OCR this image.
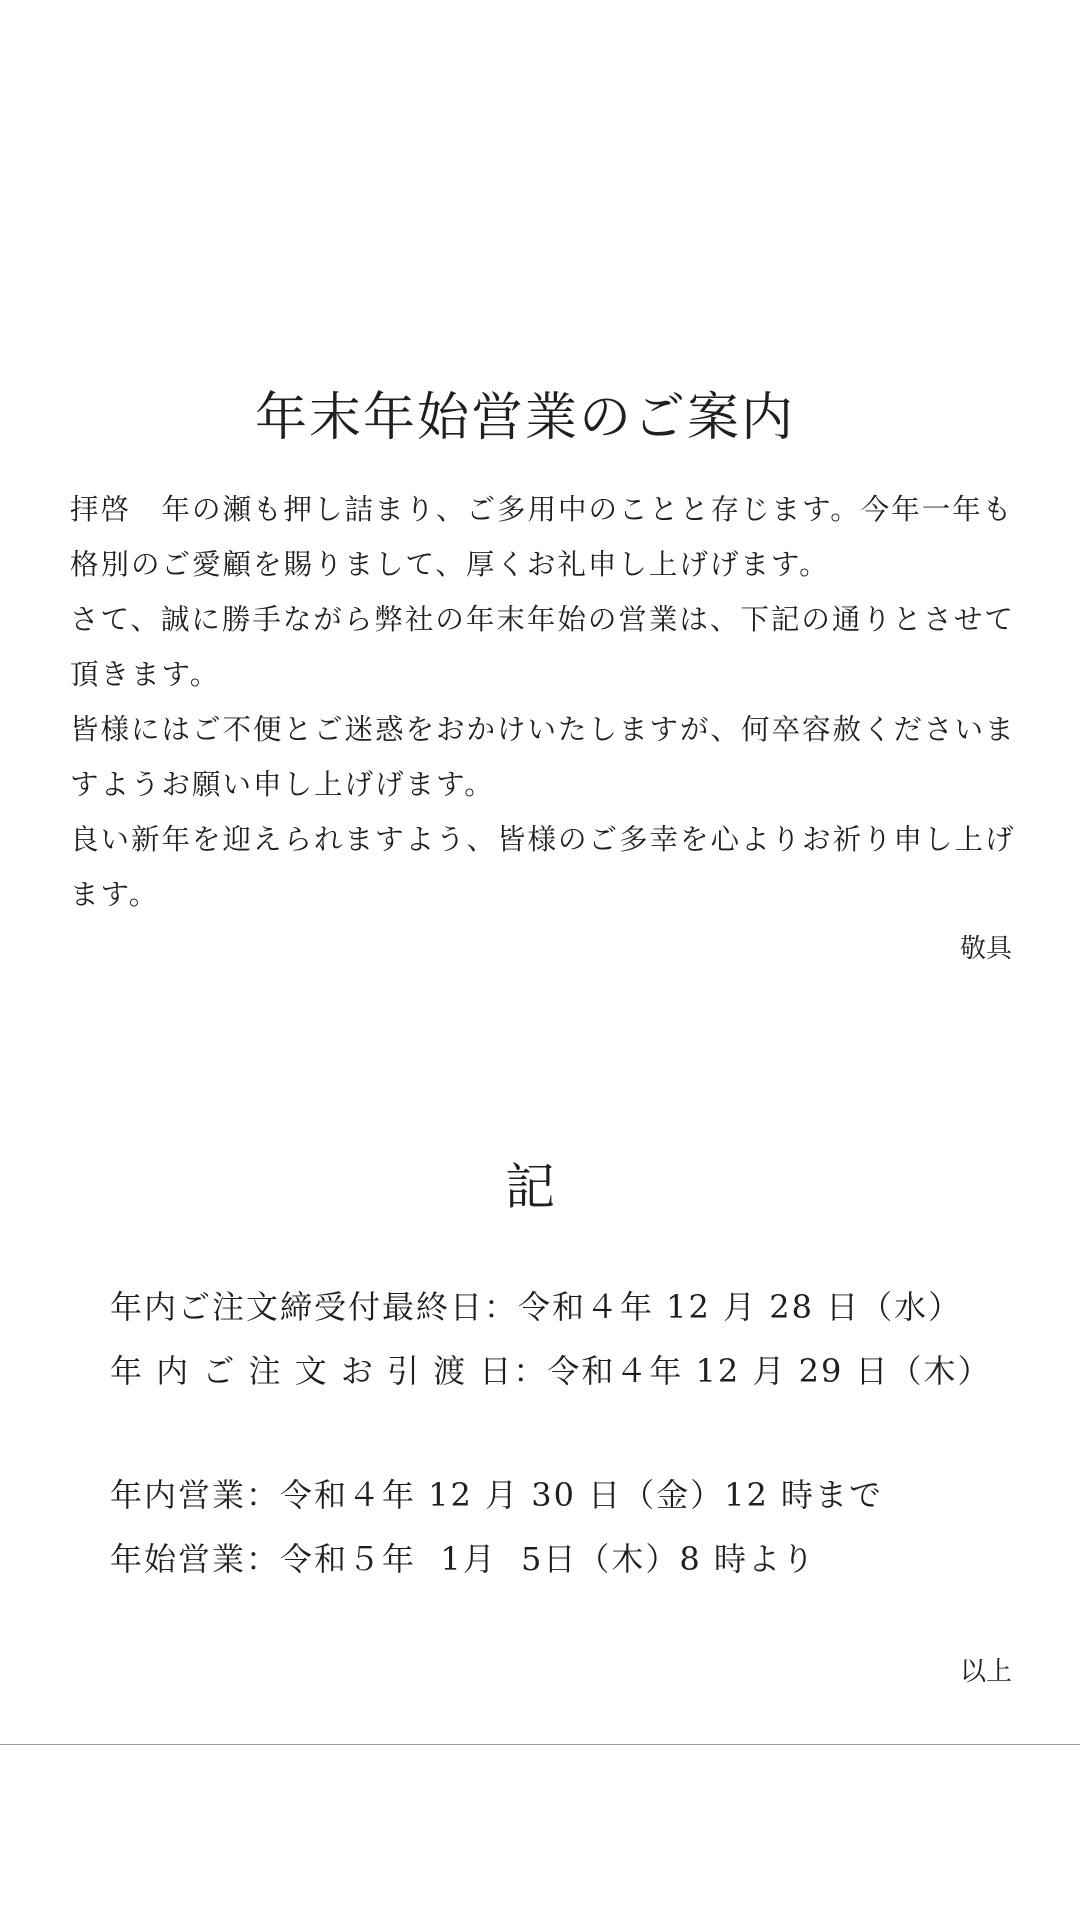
年末年始営業のご案内

拝啓　年の瀬も押し詰まり、ご多用中のことと存じます。今年一年も格別のご愛顧を賜りまして、厚くお礼申し上げげます。

さて、誠に勝手ながら弊社の年末年始の営業は、下記の通りとさせて頂きます。

皆様にはご不便とご迷惑をおかけいたしますが、何卒容赦くださいますようお願い申し上げげます。

良い新年を迎えられますよう、皆様のご多幸を心よりお祈り申し上げます。

敬具
記
年内ご注文締受付最終日：令和４年 12 月 28 日（水）
年 内 ご 注 文 お 引 渡 日：令和４年 12 月 29 日（木）
年内営業：令和４年 12 月 30 日（金）12 時まで
年始営業：令和５年  1月  5日（木）8 時より
以上
